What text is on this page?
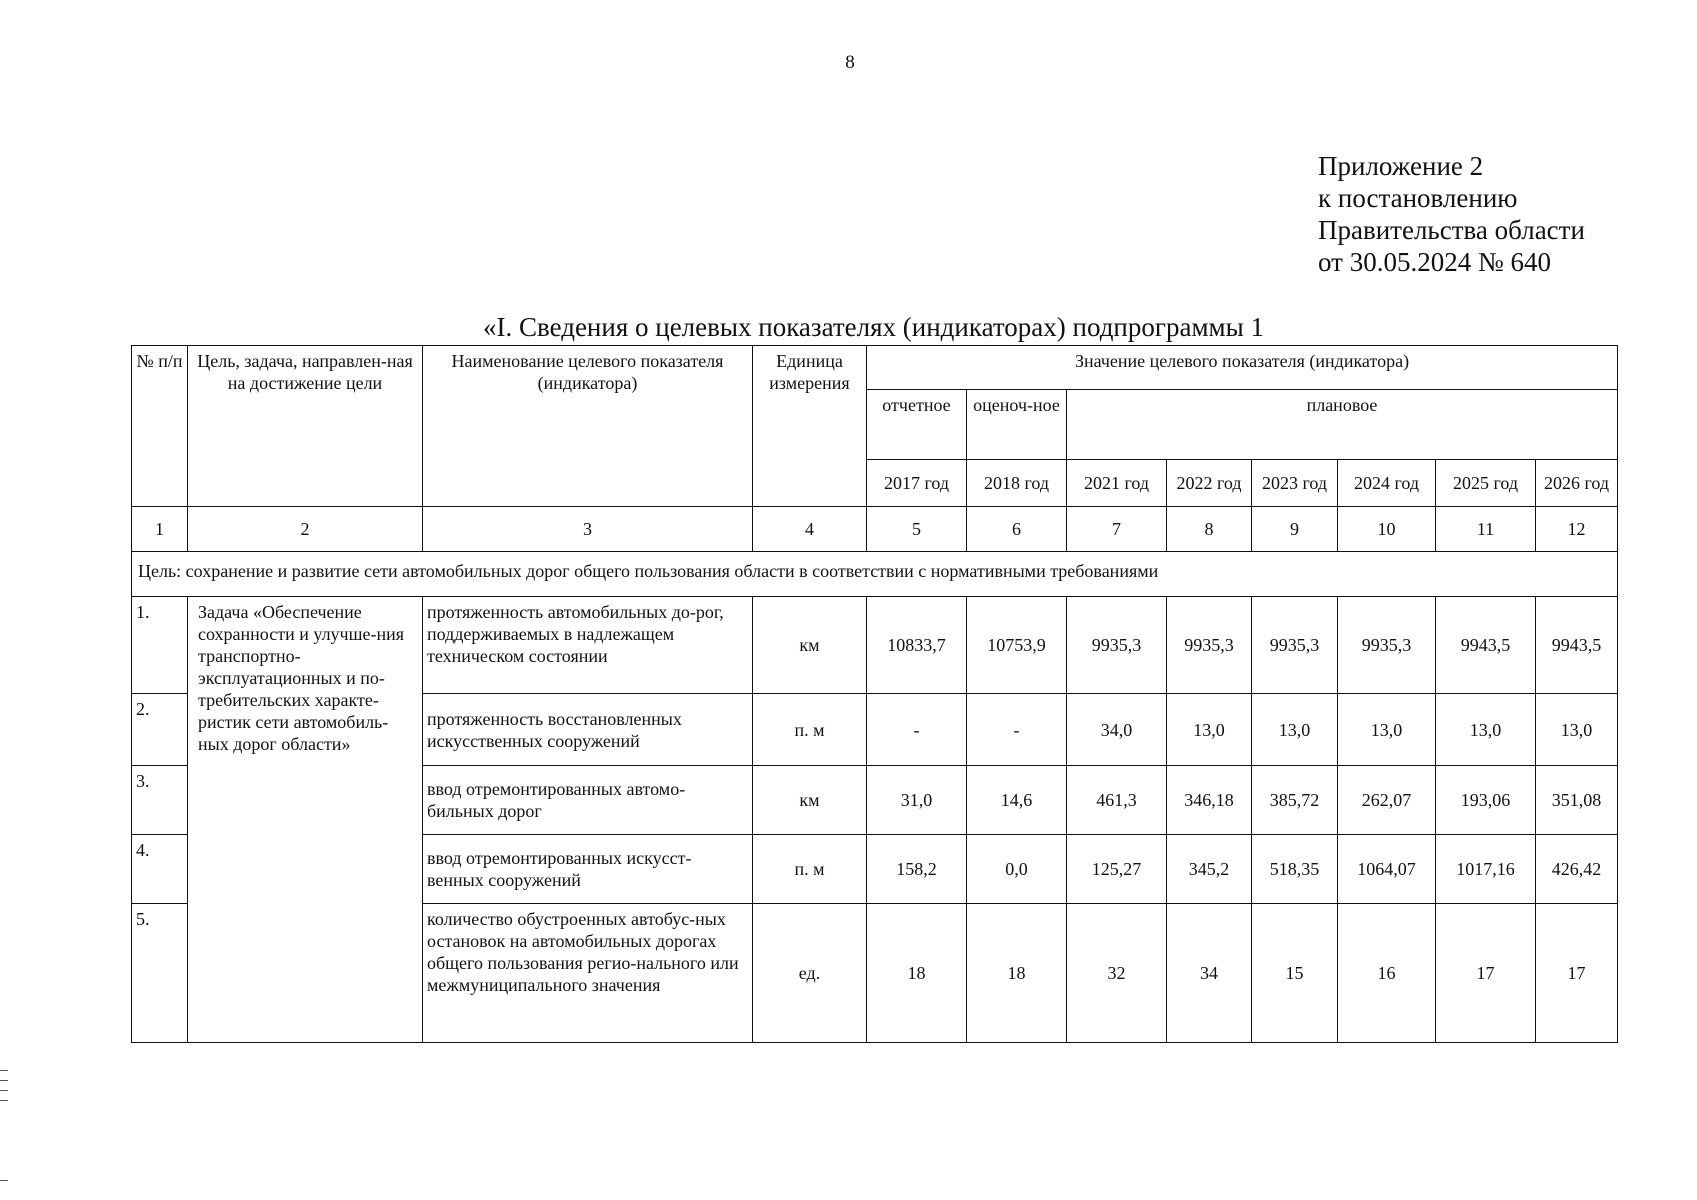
8
Приложение 2
к постановлению
Правительства области
от 30.05.2024 № 640
«I. Сведения о целевых показателях (индикаторах) подпрограммы 1
№ п/п	Цель, задача, направлен-ная на достижение цели	Наименование целевого показателя (индикатора)	Единица измерения	Значение целевого показателя (индикатора)							
				отчетное	оценоч-ное	плановое					
				2017 год	2018 год	2021 год	2022 год	2023 год	2024 год	2025 год	2026 год
1	2	3	4	5	6	7	8	9	10	11	12
Цель: сохранение и развитие сети автомобильных дорог общего пользования области в соответствии с нормативными требованиями											
1.	Задача «Обеспечение сохранности и улучше-ния транспортно-эксплуатационных и по-требительских характе-ристик сети автомобиль-ных дорог области»	протяженность автомобильных до-рог, поддерживаемых в надлежащем техническом состоянии	км	10833,7	10753,9	9935,3	9935,3	9935,3	9935,3	9943,5	9943,5
2.		протяженность восстановленных искусственных сооружений	п. м	-	-	34,0	13,0	13,0	13,0	13,0	13,0
3.		ввод отремонтированных автомо-бильных дорог	км	31,0	14,6	461,3	346,18	385,72	262,07	193,06	351,08
4.		ввод отремонтированных искусст-венных сооружений	п. м	158,2	0,0	125,27	345,2	518,35	1064,07	1017,16	426,42
5.		количество обустроенных автобус-ных остановок на автомобильных дорогах общего пользования регио-нального или межмуниципального значения	ед.	18	18	32	34	15	16	17	17
